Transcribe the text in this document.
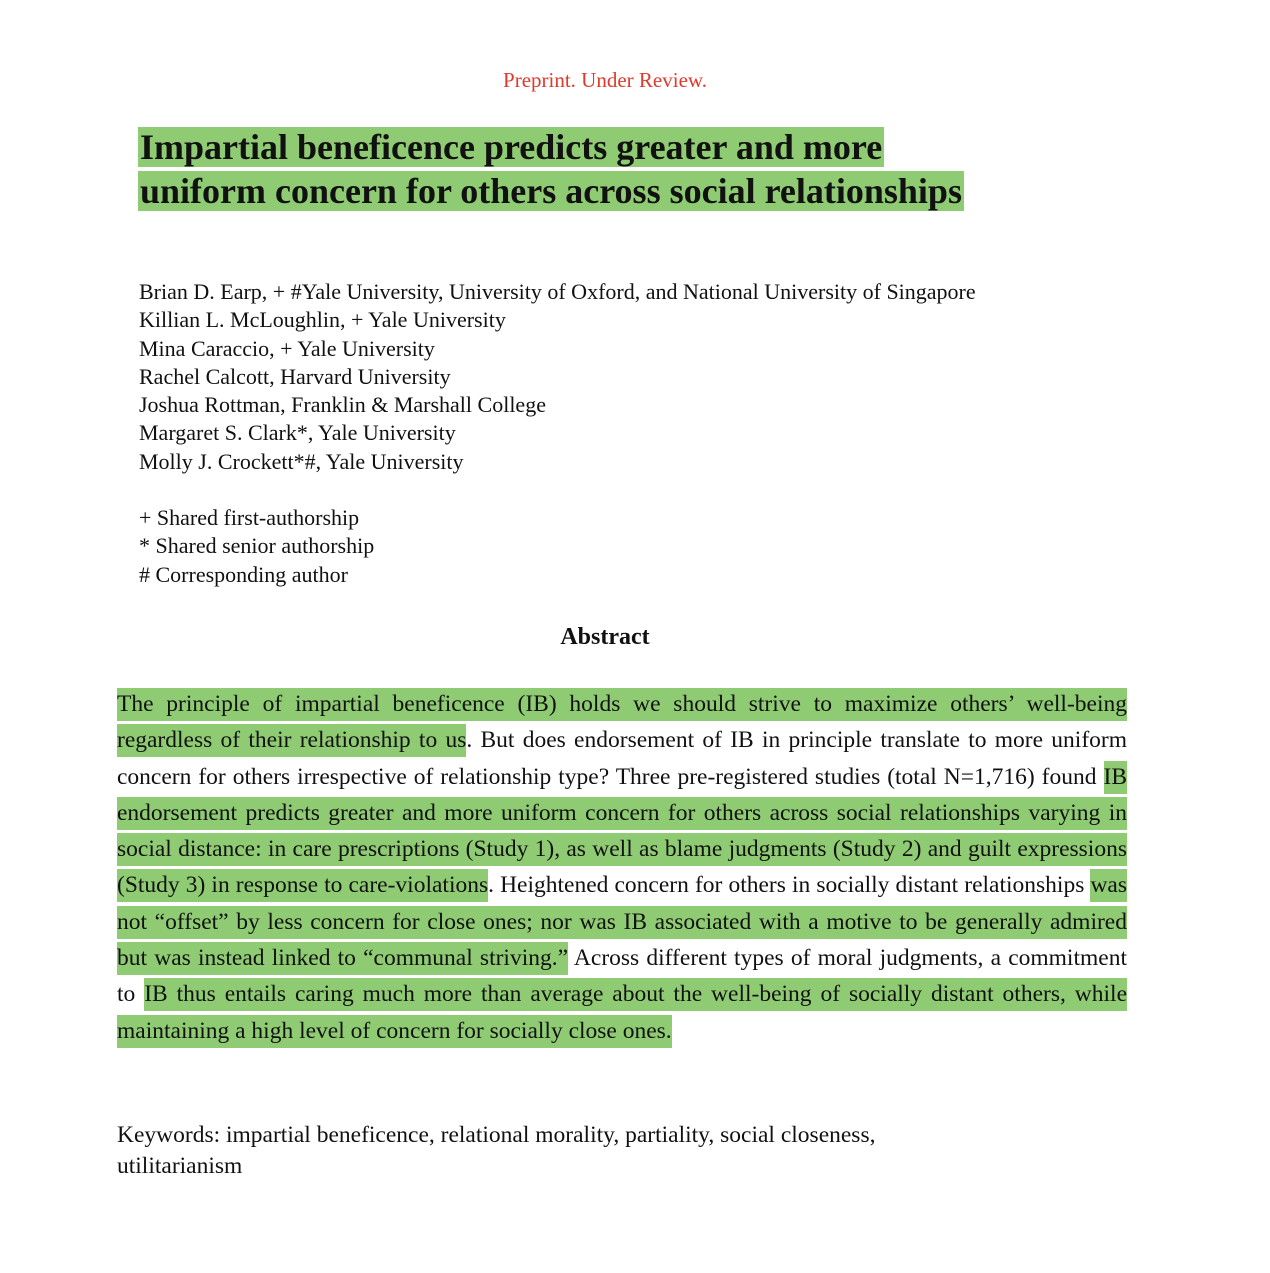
Preprint. Under Review.
Impartial beneficence predicts greater and more
uniform concern for others across social relationships
Brian D. Earp, + #Yale University, University of Oxford, and National University of Singapore
Killian L. McLoughlin, + Yale University
Mina Caraccio, + Yale University
Rachel Calcott, Harvard University
Joshua Rottman, Franklin & Marshall College
Margaret S. Clark*, Yale University
Molly J. Crockett*#, Yale University
+ Shared first-authorship
* Shared senior authorship
# Corresponding author
Abstract
The principle of impartial beneficence (IB) holds we should strive to maximize others’ well-being regardless of their relationship to us. But does endorsement of IB in principle translate to more uniform concern for others irrespective of relationship type? Three pre-registered studies (total N=1,716) found IB endorsement predicts greater and more uniform concern for others across social relationships varying in social distance: in care prescriptions (Study 1), as well as blame judgments (Study 2) and guilt expressions (Study 3) in response to care-violations. Heightened concern for others in socially distant relationships was not “offset” by less concern for close ones; nor was IB associated with a motive to be generally admired but was instead linked to “communal striving.” Across different types of moral judgments, a commitment to IB thus entails caring much more than average about the well-being of socially distant others, while maintaining a high level of concern for socially close ones.
Keywords: impartial beneficence, relational morality, partiality, social closeness,
utilitarianism
